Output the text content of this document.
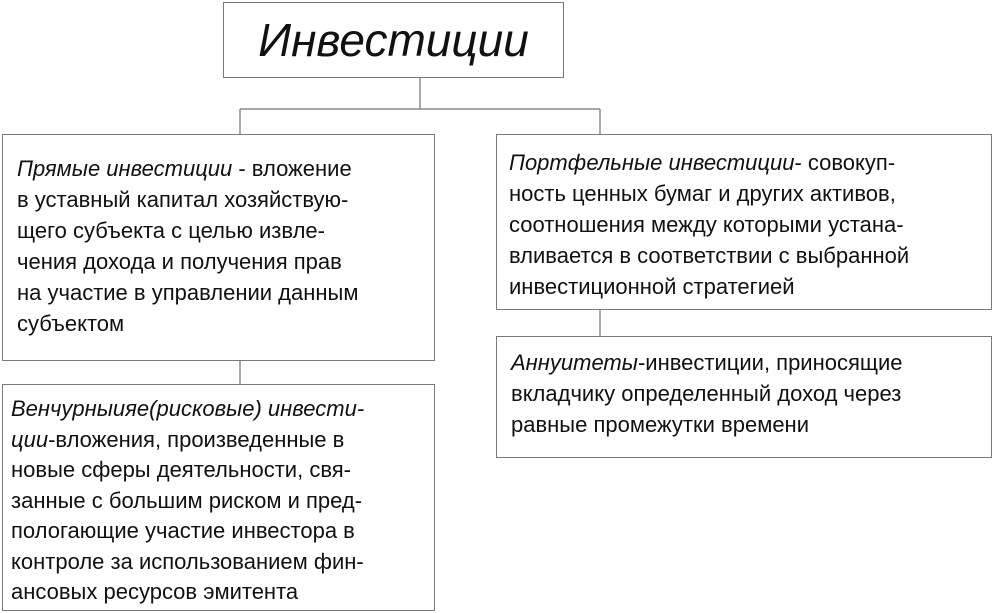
Инвестиции

Прямые инвестиции - вложение
в уставный капитал хозяйствую-
щего субъекта с целью извле-
чения дохода и получения прав
на участие в управлении данным
субъектом

Портфельные инвестиции- совокуп-
ность ценных бумаг и других активов,
соотношения между которыми устана-
вливается в соответствии с выбранной
инвестиционной стратегией

Аннуитеты-инвестиции, приносящие
вкладчику определенный доход через
равные промежутки времени

Венчурныияе(рисковые) инвести-
ции-вложения, произведенные в
новые сферы деятельности, свя-
занные с большим риском и пред-
пологающие участие инвестора в
контроле за использованием фин-
ансовых ресурсов эмитента
